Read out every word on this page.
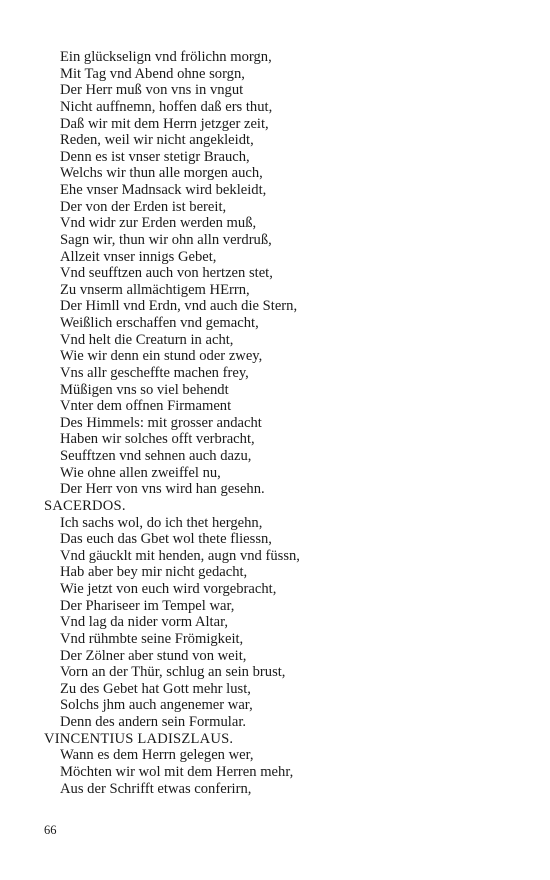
Ein glückselign vnd frölichn morgn,
Mit Tag vnd Abend ohne sorgn,
Der Herr muß von vns in vngut
Nicht auffnemn, hoffen daß ers thut,
Daß wir mit dem Herrn jetzger zeit,
Reden, weil wir nicht angekleidt,
Denn es ist vnser stetigr Brauch,
Welchs wir thun alle morgen auch,
Ehe vnser Madnsack wird bekleidt,
Der von der Erden ist bereit,
Vnd widr zur Erden werden muß,
Sagn wir, thun wir ohn alln verdruß,
Allzeit vnser innigs Gebet,
Vnd seufftzen auch von hertzen stet,
Zu vnserm allmächtigem HErrn,
Der Himll vnd Erdn, vnd auch die Stern,
Weißlich erschaffen vnd gemacht,
Vnd helt die Creaturn in acht,
Wie wir denn ein stund oder zwey,
Vns allr gescheffte machen frey,
Müßigen vns so viel behendt
Vnter dem offnen Firmament
Des Himmels: mit grosser andacht
Haben wir solches offt verbracht,
Seufftzen vnd sehnen auch dazu,
Wie ohne allen zweiffel nu,
Der Herr von vns wird han gesehn.
SACERDOS.
Ich sachs wol, do ich thet hergehn,
Das euch das Gbet wol thete fliessn,
Vnd gäucklt mit henden, augn vnd füssn,
Hab aber bey mir nicht gedacht,
Wie jetzt von euch wird vorgebracht,
Der Phariseer im Tempel war,
Vnd lag da nider vorm Altar,
Vnd rühmbte seine Frömigkeit,
Der Zölner aber stund von weit,
Vorn an der Thür, schlug an sein brust,
Zu des Gebet hat Gott mehr lust,
Solchs jhm auch angenemer war,
Denn des andern sein Formular.
VINCENTIUS LADISZLAUS.
Wann es dem Herrn gelegen wer,
Möchten wir wol mit dem Herren mehr,
Aus der Schrifft etwas conferirn,
66
